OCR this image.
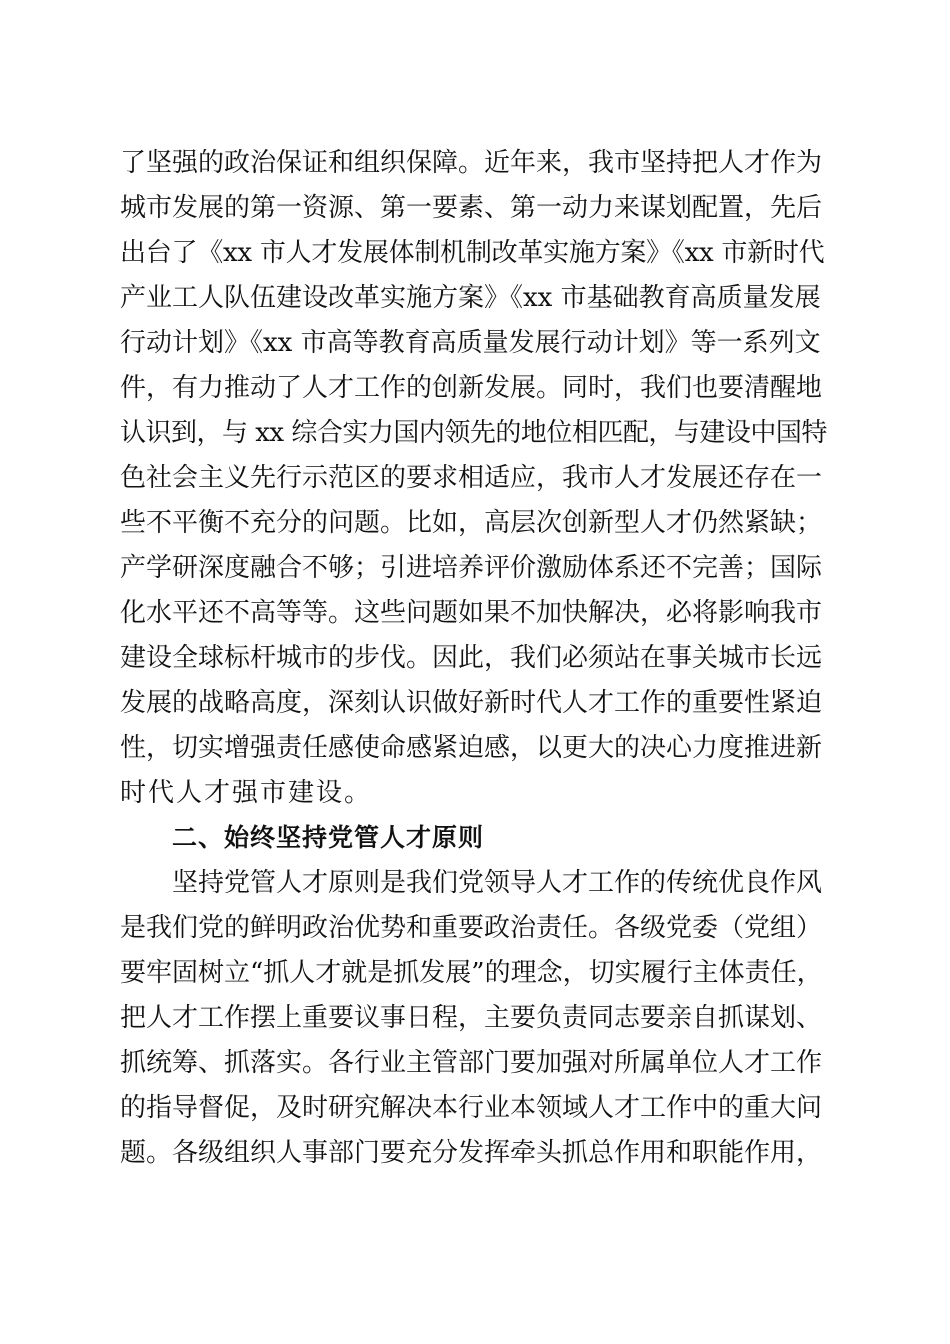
了坚强的政治保证和组织保障。近年来，我市坚持把人才作为
城市发展的第一资源、第一要素、第一动力来谋划配置，先后
出台了《xx 市人才发展体制机制改革实施方案》《xx 市新时代
产业工人队伍建设改革实施方案》《xx 市基础教育高质量发展
行动计划》《xx 市高等教育高质量发展行动计划》等一系列文
件，有力推动了人才工作的创新发展。同时，我们也要清醒地
认识到，与 xx 综合实力国内领先的地位相匹配，与建设中国特
色社会主义先行示范区的要求相适应，我市人才发展还存在一
些不平衡不充分的问题。比如，高层次创新型人才仍然紧缺；
产学研深度融合不够；引进培养评价激励体系还不完善；国际
化水平还不高等等。这些问题如果不加快解决，必将影响我市
建设全球标杆城市的步伐。因此，我们必须站在事关城市长远
发展的战略高度，深刻认识做好新时代人才工作的重要性紧迫
性，切实增强责任感使命感紧迫感，以更大的决心力度推进新
时代人才强市建设。
二、始终坚持党管人才原则
坚持党管人才原则是我们党领导人才工作的传统优良作风
是我们党的鲜明政治优势和重要政治责任。各级党委（党组）
要牢固树立“抓人才就是抓发展”的理念，切实履行主体责任，
把人才工作摆上重要议事日程，主要负责同志要亲自抓谋划、
抓统筹、抓落实。各行业主管部门要加强对所属单位人才工作
的指导督促，及时研究解决本行业本领域人才工作中的重大问
题。各级组织人事部门要充分发挥牵头抓总作用和职能作用，
